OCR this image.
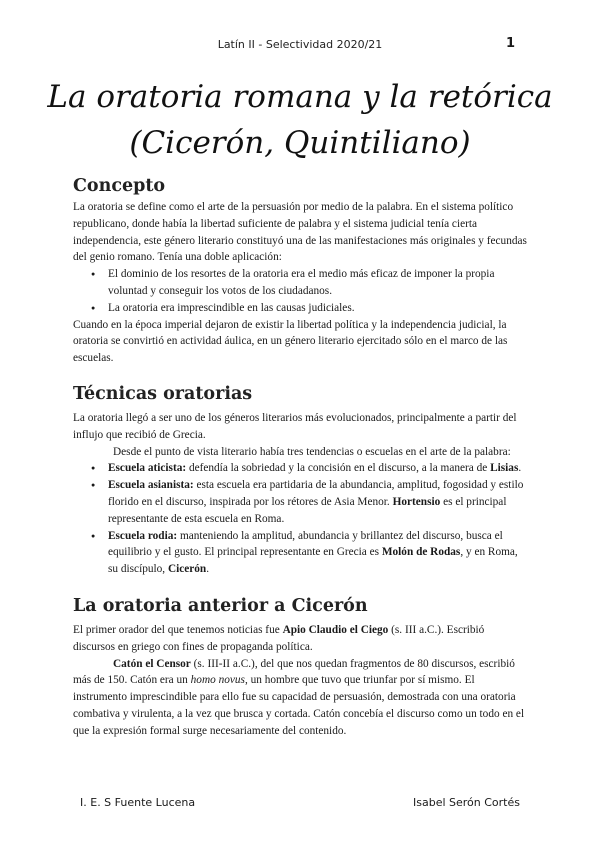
Latín II - Selectividad 2020/21	1
La oratoria romana y la retórica
(Cicerón, Quintiliano)
Concepto

La oratoria se define como el arte de la persuasión por medio de la palabra. En el sistema político republicano, donde había la libertad suficiente de palabra y el sistema judicial tenía cierta independencia, este género literario constituyó una de las manifestaciones más originales y fecundas del genio romano. Tenía una doble aplicación:

● El dominio de los resortes de la oratoria era el medio más eficaz de imponer la propia voluntad y conseguir los votos de los ciudadanos.
● La oratoria era imprescindible en las causas judiciales.

Cuando en la época imperial dejaron de existir la libertad política y la independencia judicial, la oratoria se convirtió en actividad áulica, en un género literario ejercitado sólo en el marco de las escuelas.

Técnicas oratorias

La oratoria llegó a ser uno de los géneros literarios más evolucionados, principalmente a partir del influjo que recibió de Grecia.

Desde el punto de vista literario había tres tendencias o escuelas en el arte de la palabra:

● Escuela aticista: defendía la sobriedad y la concisión en el discurso, a la manera de Lisias.
● Escuela asianista: esta escuela era partidaria de la abundancia, amplitud, fogosidad y estilo florido en el discurso, inspirada por los rétores de Asia Menor. Hortensio es el principal representante de esta escuela en Roma.
● Escuela rodia: manteniendo la amplitud, abundancia y brillantez del discurso, busca el equilibrio y el gusto. El principal representante en Grecia es Molón de Rodas, y en Roma, su discípulo, Cicerón.
La oratoria anterior a Cicerón

El primer orador del que tenemos noticias fue Apio Claudio el Ciego (s. III a.C.). Escribió discursos en griego con fines de propaganda política.

Catón el Censor (s. III-II a.C.), del que nos quedan fragmentos de 80 discursos, escribió más de 150. Catón era un homo novus, un hombre que tuvo que triunfar por sí mismo. El instrumento imprescindible para ello fue su capacidad de persuasión, demostrada con una oratoria combativa y virulenta, a la vez que brusca y cortada. Catón concebía el discurso como un todo en el que la expresión formal surge necesariamente del contenido.

I. E. S Fuente Lucena	Isabel Serón Cortés
